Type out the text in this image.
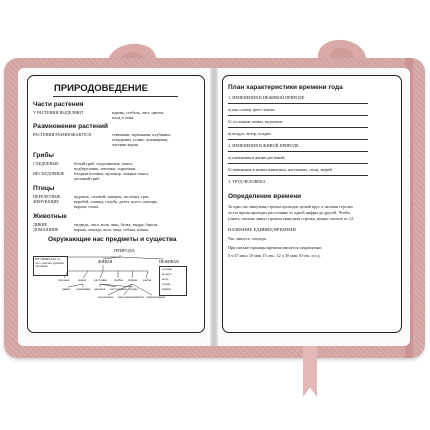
ПРИРОДОВЕДЕНИЕ
Части растения
У РАСТЕНИЯ ВЫДЕЛЯЮТ	корень, стебель, лист, цветок,
плод и семя.
Размножение растений
РАСТЕНИЯ РАЗМНОЖАЮТСЯ	семенами, черенками, клубнями,
отводками, усами, луковицами,
частями корня.
Грибы
СЪЕДОБНЫЕ	белый гриб, подосиновик, опята,
подберезовик, лисички, сыроежки.
НЕСЪЕДОБНЫЕ бледная поганка, мухомор, ложные опята,
желчный гриб.
Птицы
ПЕРЕЛЕТНЫЕ	журавль, соловей, скворец, ласточка, грач
ЗИМУЮЩИЕ	воробей, синица, голубь, дятел, клест, снегирь,
ворона, галка.
Животные
ДИКИЕ	медведь, лиса, волк, заяц, белка, выдра, барсук.
ДОМАШНИЕ	корова, лошадь, коза, овца, собака, кошка.
Окружающие нас предметы и существа
ПРИРОДА
НЕ ПРИРОДА то, что сделано руками человека
ЖИВАЯ	НЕЖИВАЯ
солнце
воздух
вода
почва
камни
человек	звери растения грибы птицы рыбы
дикие домашние деревья кустарники травы
насекомые пресмыкающиеся земноводные
План характеристики времени года
1. ИЗМЕНЕНИЯ В НЕЖИВОЙ ПРИРОДЕ:
а) как солнце греет землю;
б) состояние почвы, водоемов;
в) воздух, ветер, осадки.
2. ИЗМЕНЕНИЯ В ЖИВОЙ ПРИРОДЕ:
а) изменения в жизни растений;
б) изменения в жизни животных: насекомых, птиц, зверей.
3. ТРУД ЧЕЛОВЕКА.
Определение времени
За одно час минутная стрелка проходит целый круг, а часовая стрелка
за это время проходит расстояние от одной цифры до другой. Чтобы
узнать, сколько минут прошла минутная стрелка, нужно считать от 12.
НАЗВАНИЕ ЕДИНИЦ ВРЕМЕНИ
Час, минута, секунда.
При письме единицы времени пишутся сокращенно:
5 ч 47 мин; 10 мин 15 сек.; 12 ч 30 мин 10 сек. и т.д.
